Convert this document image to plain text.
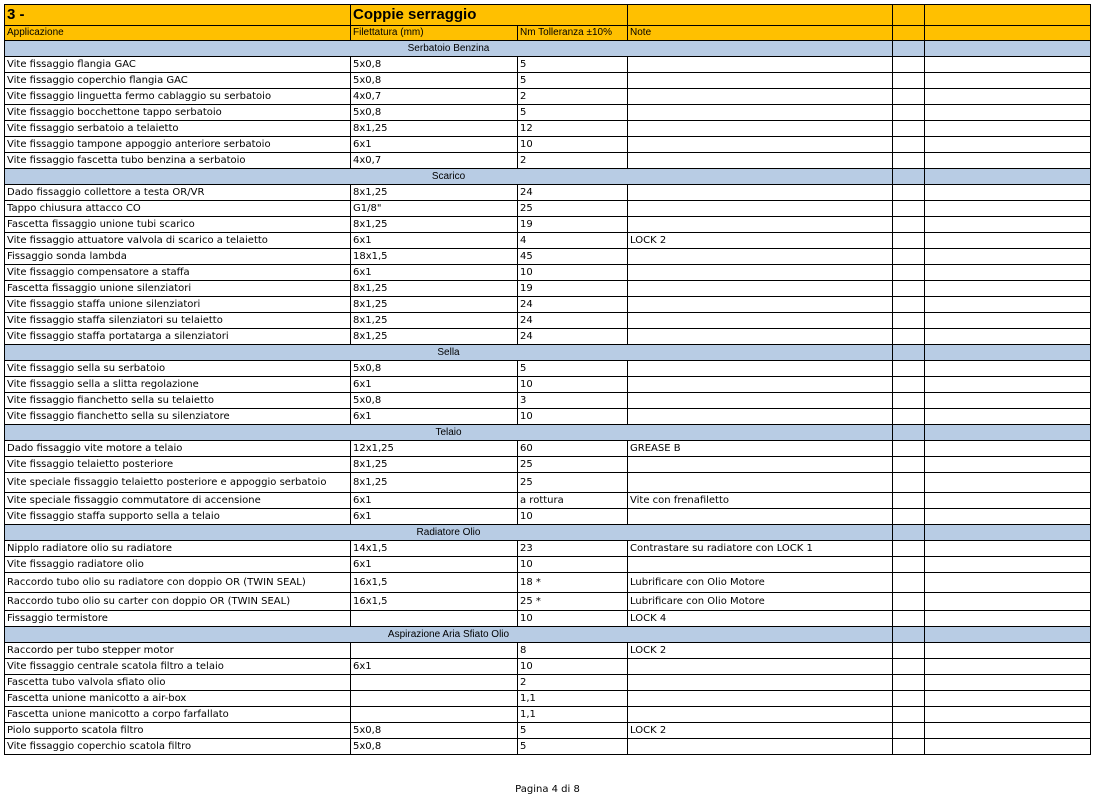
3 -	Coppie serraggio				
Applicazione	Filettatura (mm)	Nm Tolleranza ±10%	Note		
Serbatoio Benzina					
Vite fissaggio flangia GAC	5x0,8	5			
Vite fissaggio coperchio flangia GAC	5x0,8	5			
Vite fissaggio linguetta fermo cablaggio su serbatoio	4x0,7	2			
Vite fissaggio bocchettone tappo serbatoio	5x0,8	5			
Vite fissaggio serbatoio a telaietto	8x1,25	12			
Vite fissaggio tampone appoggio anteriore serbatoio	6x1	10			
Vite fissaggio fascetta tubo benzina a serbatoio	4x0,7	2			
Scarico					
Dado fissaggio collettore a testa OR/VR	8x1,25	24			
Tappo chiusura attacco CO	G1/8"	25			
Fascetta fissaggio unione tubi scarico	8x1,25	19			
Vite fissaggio attuatore valvola di scarico a telaietto	6x1	4	LOCK 2		
Fissaggio sonda lambda	18x1,5	45			
Vite fissaggio compensatore a staffa	6x1	10			
Fascetta fissaggio unione silenziatori	8x1,25	19			
Vite fissaggio staffa unione silenziatori	8x1,25	24			
Vite fissaggio staffa silenziatori su telaietto	8x1,25	24			
Vite fissaggio staffa portatarga a silenziatori	8x1,25	24			
Sella					
Vite fissaggio sella su serbatoio	5x0,8	5			
Vite fissaggio sella a slitta regolazione	6x1	10			
Vite fissaggio fianchetto sella su telaietto	5x0,8	3			
Vite fissaggio fianchetto sella su silenziatore	6x1	10			
Telaio					
Dado fissaggio vite motore a telaio	12x1,25	60	GREASE B		
Vite fissaggio telaietto posteriore	8x1,25	25			
Vite speciale fissaggio telaietto posteriore e appoggio serbatoio	8x1,25	25			
Vite speciale fissaggio commutatore di accensione	6x1	a rottura	Vite con frenafiletto		
Vite fissaggio staffa supporto sella a telaio	6x1	10			
Radiatore Olio					
Nipplo radiatore olio su radiatore	14x1,5	23	Contrastare su radiatore con LOCK 1		
Vite fissaggio radiatore olio	6x1	10			
Raccordo tubo olio su radiatore con doppio OR (TWIN SEAL)	16x1,5	18 *	Lubrificare con Olio Motore		
Raccordo tubo olio su carter con doppio OR (TWIN SEAL)	16x1,5	25 *	Lubrificare con Olio Motore		
Fissaggio termistore		10	LOCK 4		
Aspirazione Aria Sfiato Olio					
Raccordo per tubo stepper motor		8	LOCK 2		
Vite fissaggio centrale scatola filtro a telaio	6x1	10			
Fascetta tubo valvola sfiato olio		2			
Fascetta unione manicotto a air-box		1,1			
Fascetta unione manicotto a corpo farfallato		1,1			
Piolo supporto scatola filtro	5x0,8	5	LOCK 2		
Vite fissaggio coperchio scatola filtro	5x0,8	5			
Pagina 4 di 8
